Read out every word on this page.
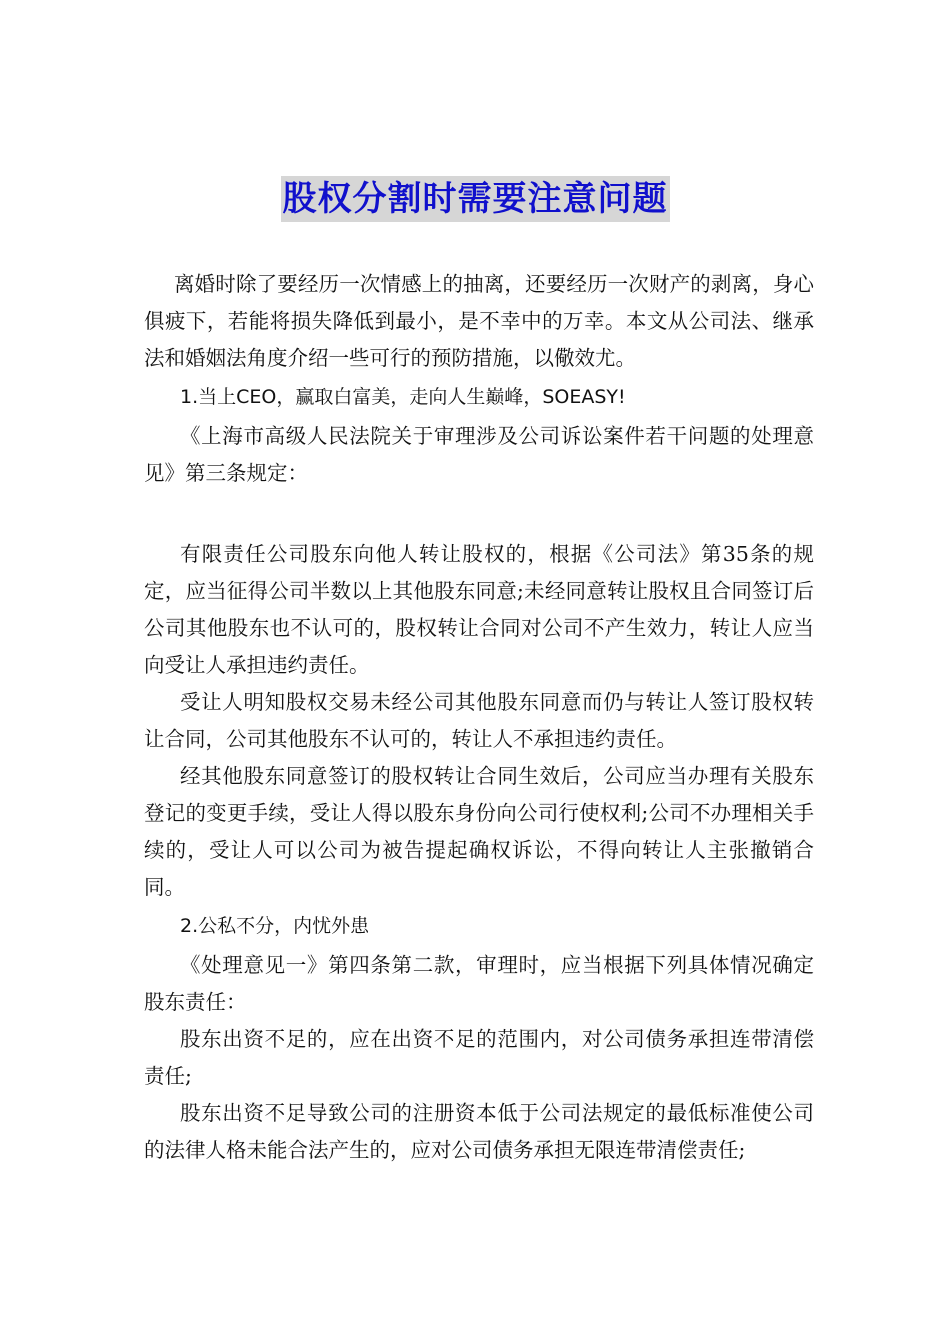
股权分割时需要注意问题

离婚时除了要经历一次情感上的抽离，还要经历一次财产的剥离，身心俱疲下，若能将损失降低到最小，是不幸中的万幸。本文从公司法、继承法和婚姻法角度介绍一些可行的预防措施，以儆效尤。

1.当上CEO，赢取白富美，走向人生巅峰，SOEASY!

《上海市高级人民法院关于审理涉及公司诉讼案件若干问题的处理意见》第三条规定：

有限责任公司股东向他人转让股权的，根据《公司法》第35条的规定，应当征得公司半数以上其他股东同意;未经同意转让股权且合同签订后公司其他股东也不认可的，股权转让合同对公司不产生效力，转让人应当向受让人承担违约责任。

受让人明知股权交易未经公司其他股东同意而仍与转让人签订股权转让合同，公司其他股东不认可的，转让人不承担违约责任。

经其他股东同意签订的股权转让合同生效后，公司应当办理有关股东登记的变更手续，受让人得以股东身份向公司行使权利;公司不办理相关手续的，受让人可以公司为被告提起确权诉讼，不得向转让人主张撤销合同。

2.公私不分，内忧外患

《处理意见一》第四条第二款，审理时，应当根据下列具体情况确定股东责任：

股东出资不足的，应在出资不足的范围内，对公司债务承担连带清偿责任;

股东出资不足导致公司的注册资本低于公司法规定的最低标准使公司的法律人格未能合法产生的，应对公司债务承担无限连带清偿责任;
